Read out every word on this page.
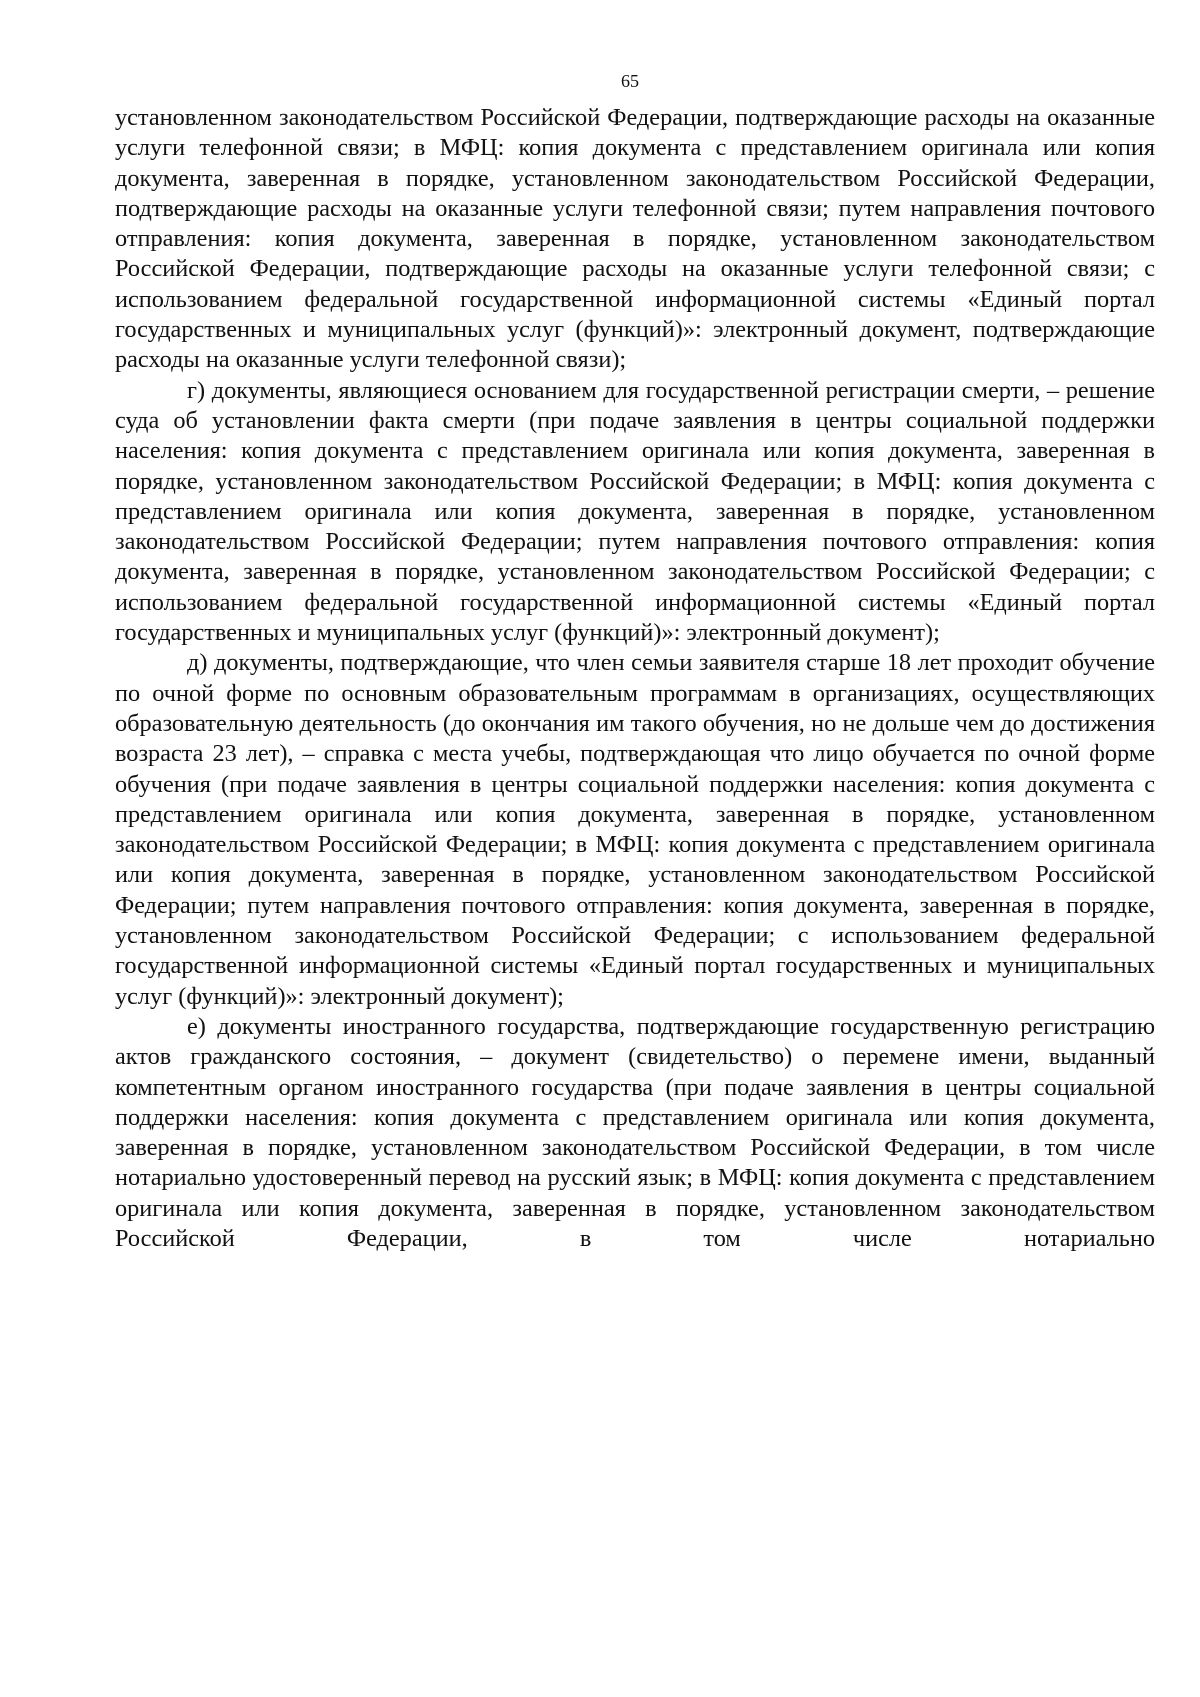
65

установленном законодательством Российской Федерации, подтверждающие расходы на оказанные услуги телефонной связи; в МФЦ: копия документа с представлением оригинала или копия документа, заверенная в порядке, установленном законодательством Российской Федерации, подтверждающие расходы на оказанные услуги телефонной связи; путем направления почтового отправления: копия документа, заверенная в порядке, установленном законодательством Российской Федерации, подтверждающие расходы на оказанные услуги телефонной связи; с использованием федеральной государственной информационной системы «Единый портал государственных и муниципальных услуг (функций)»: электронный документ, подтверждающие расходы на оказанные услуги телефонной связи);

г) документы, являющиеся основанием для государственной регистрации смерти, – решение суда об установлении факта смерти (при подаче заявления в центры социальной поддержки населения: копия документа с представлением оригинала или копия документа, заверенная в порядке, установленном законодательством Российской Федерации; в МФЦ: копия документа с представлением оригинала или копия документа, заверенная в порядке, установленном законодательством Российской Федерации; путем направления почтового отправления: копия документа, заверенная в порядке, установленном законодательством Российской Федерации; с использованием федеральной государственной информационной системы «Единый портал государственных и муниципальных услуг (функций)»: электронный документ);

д) документы, подтверждающие, что член семьи заявителя старше 18 лет проходит обучение по очной форме по основным образовательным программам в организациях, осуществляющих образовательную деятельность (до окончания им такого обучения, но не дольше чем до достижения возраста 23 лет), – справка с места учебы, подтверждающая что лицо обучается по очной форме обучения (при подаче заявления в центры социальной поддержки населения: копия документа с представлением оригинала или копия документа, заверенная в порядке, установленном законодательством Российской Федерации; в МФЦ: копия документа с представлением оригинала или копия документа, заверенная в порядке, установленном законодательством Российской Федерации; путем направления почтового отправления: копия документа, заверенная в порядке, установленном законодательством Российской Федерации; с использованием федеральной государственной информационной системы «Единый портал государственных и муниципальных услуг (функций)»: электронный документ);

е) документы иностранного государства, подтверждающие государственную регистрацию актов гражданского состояния, – документ (свидетельство) о перемене имени, выданный компетентным органом иностранного государства (при подаче заявления в центры социальной поддержки населения: копия документа с представлением оригинала или копия документа, заверенная в порядке, установленном законодательством Российской Федерации, в том числе нотариально удостоверенный перевод на русский язык; в МФЦ: копия документа с представлением оригинала или копия документа, заверенная в порядке, установленном законодательством Российской Федерации, в том числе нотариально
